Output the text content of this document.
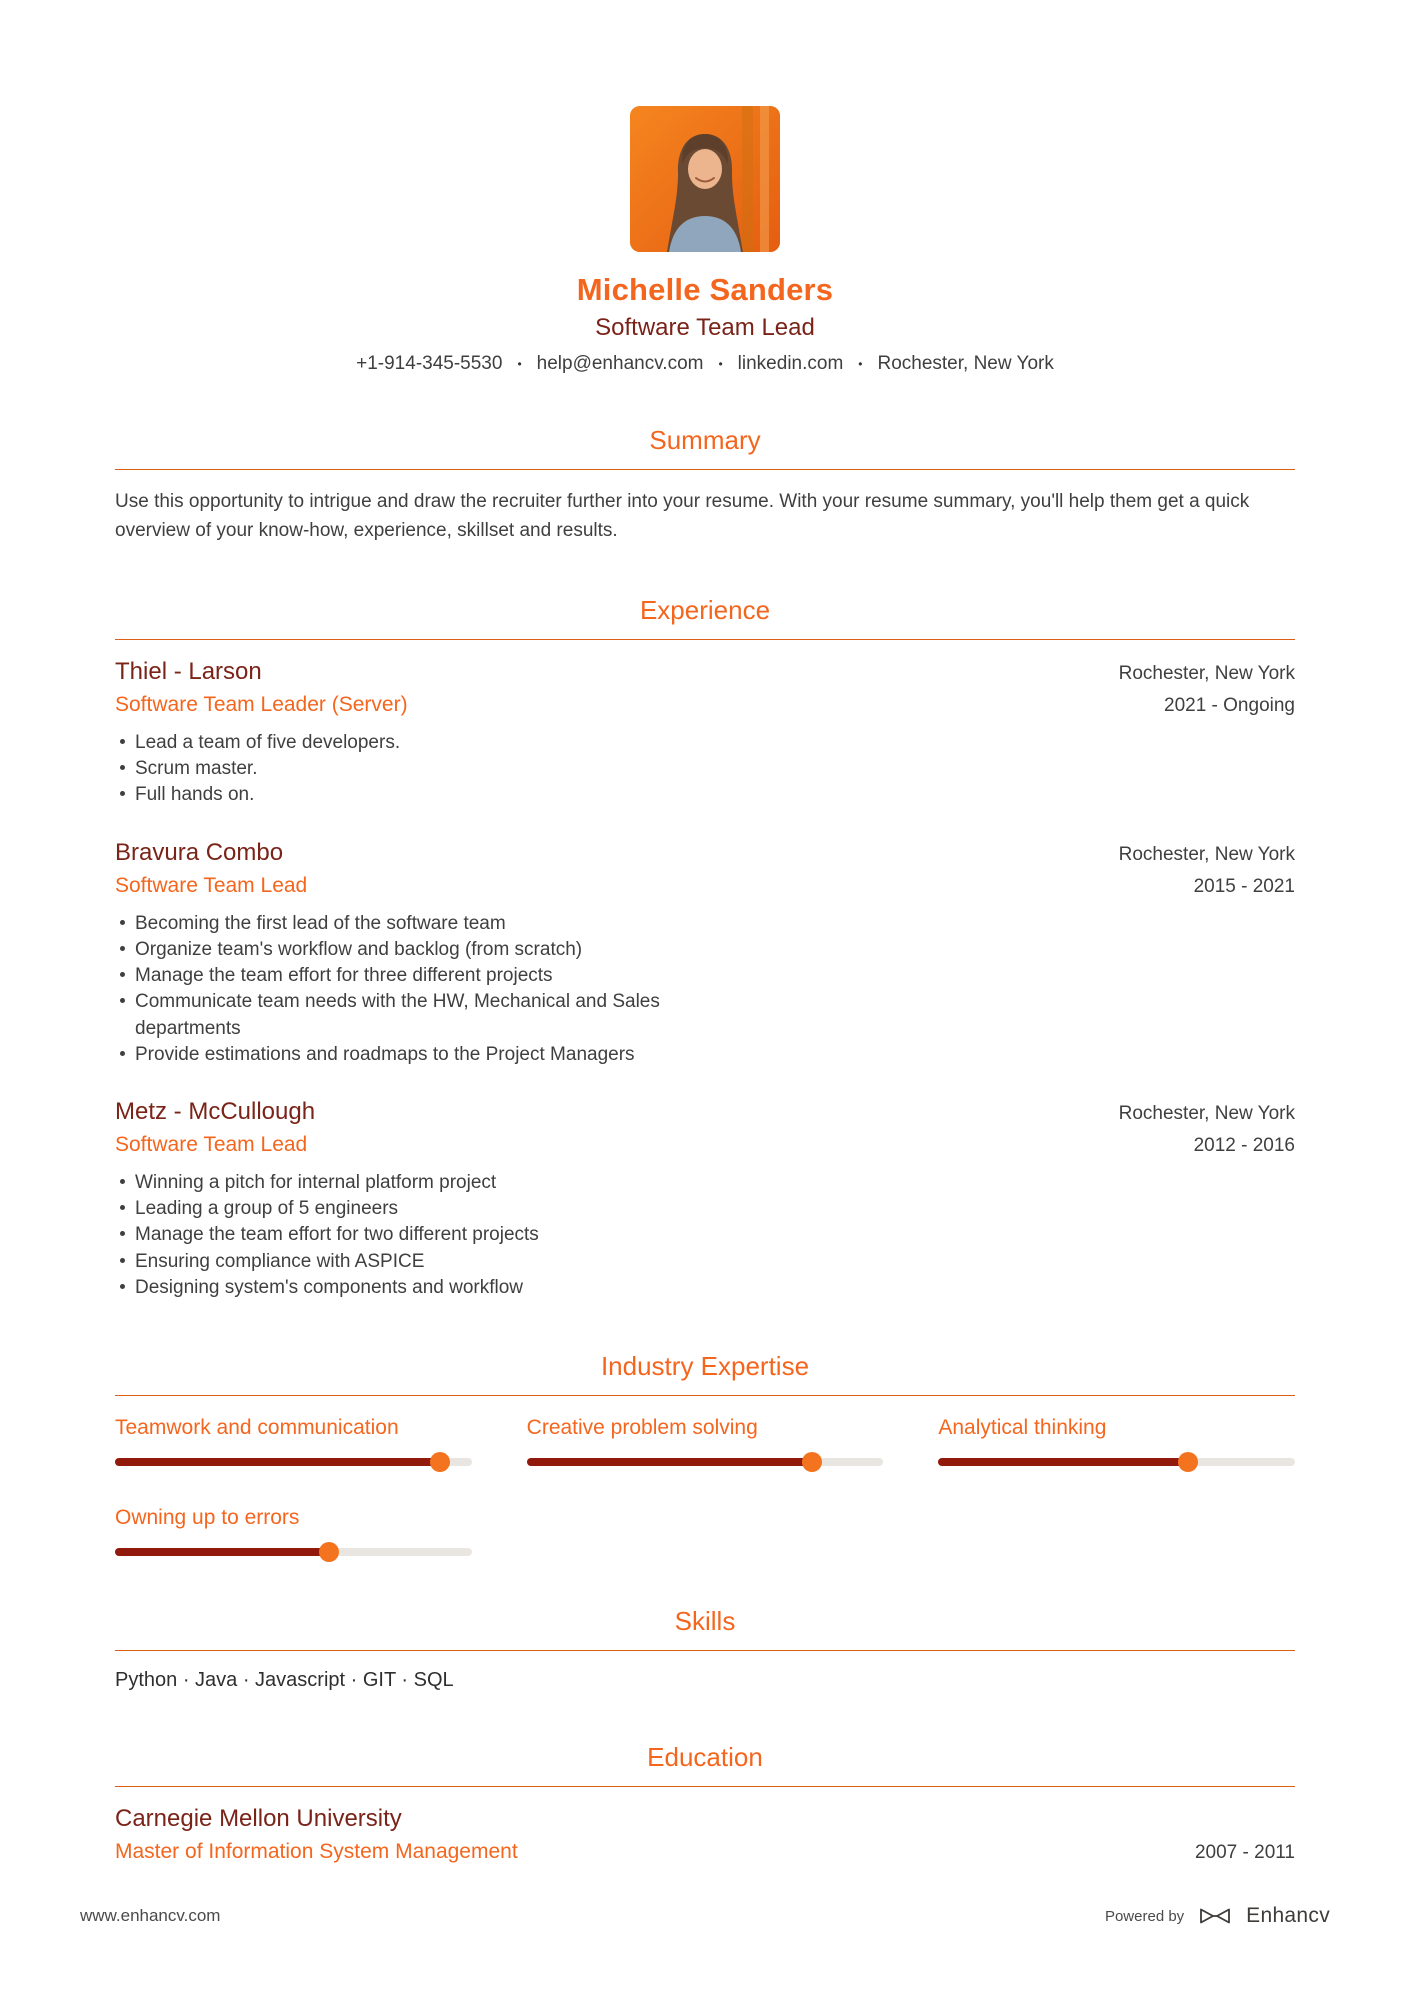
Michelle Sanders
Software Team Lead
+1-914-345-5530 • help@enhancv.com • linkedin.com • Rochester, New York
Summary

Use this opportunity to intrigue and draw the recruiter further into your resume. With your resume summary, you'll help them get a quick overview of your know-how, experience, skillset and results.

Experience
Thiel - Larson	Rochester, New York
Software Team Leader (Server)	2021 - Ongoing
Lead a team of five developers.
Scrum master.
Full hands on.
Bravura Combo	Rochester, New York
Software Team Lead	2015 - 2021
Becoming the first lead of the software team
Organize team's workflow and backlog (from scratch)
Manage the team effort for three different projects
Communicate team needs with the HW, Mechanical and Sales departments
Provide estimations and roadmaps to the Project Managers
Metz - McCullough	Rochester, New York
Software Team Lead	2012 - 2016
Winning a pitch for internal platform project
Leading a group of 5 engineers
Manage the team effort for two different projects
Ensuring compliance with ASPICE
Designing system's components and workflow
Industry Expertise
Teamwork and communication	Creative problem solving	Analytical thinking
Owning up to errors
Skills

Python · Java · Javascript · GIT · SQL

Education
Carnegie Mellon University
Master of Information System Management	2007 - 2011
www.enhancv.com	Powered by	Enhancv
